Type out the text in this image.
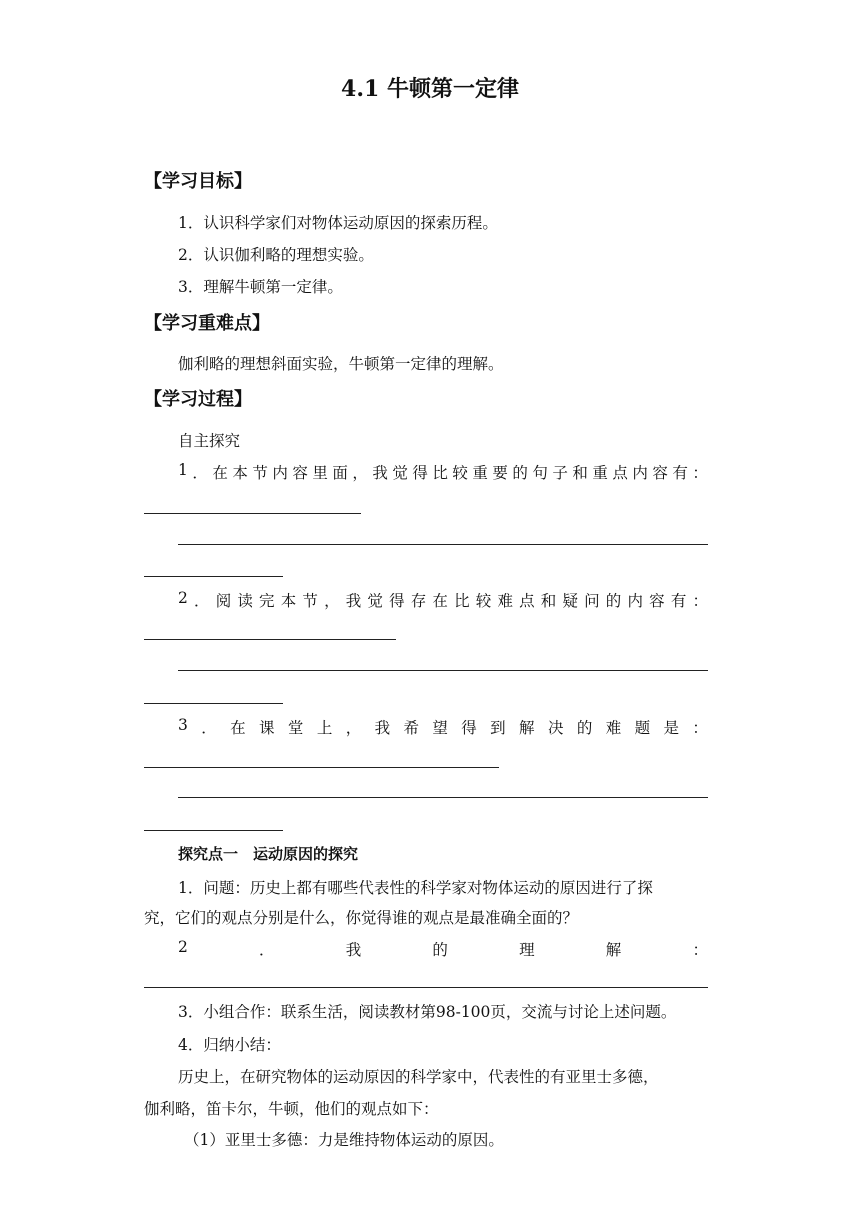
4.1 牛顿第一定律
【学习目标】
1．认识科学家们对物体运动原因的探索历程。
2．认识伽利略的理想实验。
3．理解牛顿第一定律。
【学习重难点】
伽利略的理想斜面实验，牛顿第一定律的理解。
【学习过程】
自主探究
1 ． 在 本 节 内 容 里 面 ， 我 觉 得 比 较 重 要 的 句 子 和 重 点 内 容 有 ：
2 ． 阅 读 完 本 节 ， 我 觉 得 存 在 比 较 难 点 和 疑 问 的 内 容 有 ：
3 ． 在 课 堂 上 ， 我 希 望 得 到 解 决 的 难 题 是 ：
探究点一　运动原因的探究
1．问题：历史上都有哪些代表性的科学家对物体运动的原因进行了探
究，它们的观点分别是什么，你觉得谁的观点是最准确全面的？
2	．	我	的	理	解	：
3．小组合作：联系生活，阅读教材第98-100页，交流与讨论上述问题。
4．归纳小结：
历史上，在研究物体的运动原因的科学家中，代表性的有亚里士多德，
伽利略，笛卡尔，牛顿，他们的观点如下：
（1）亚里士多德：力是维持物体运动的原因。
